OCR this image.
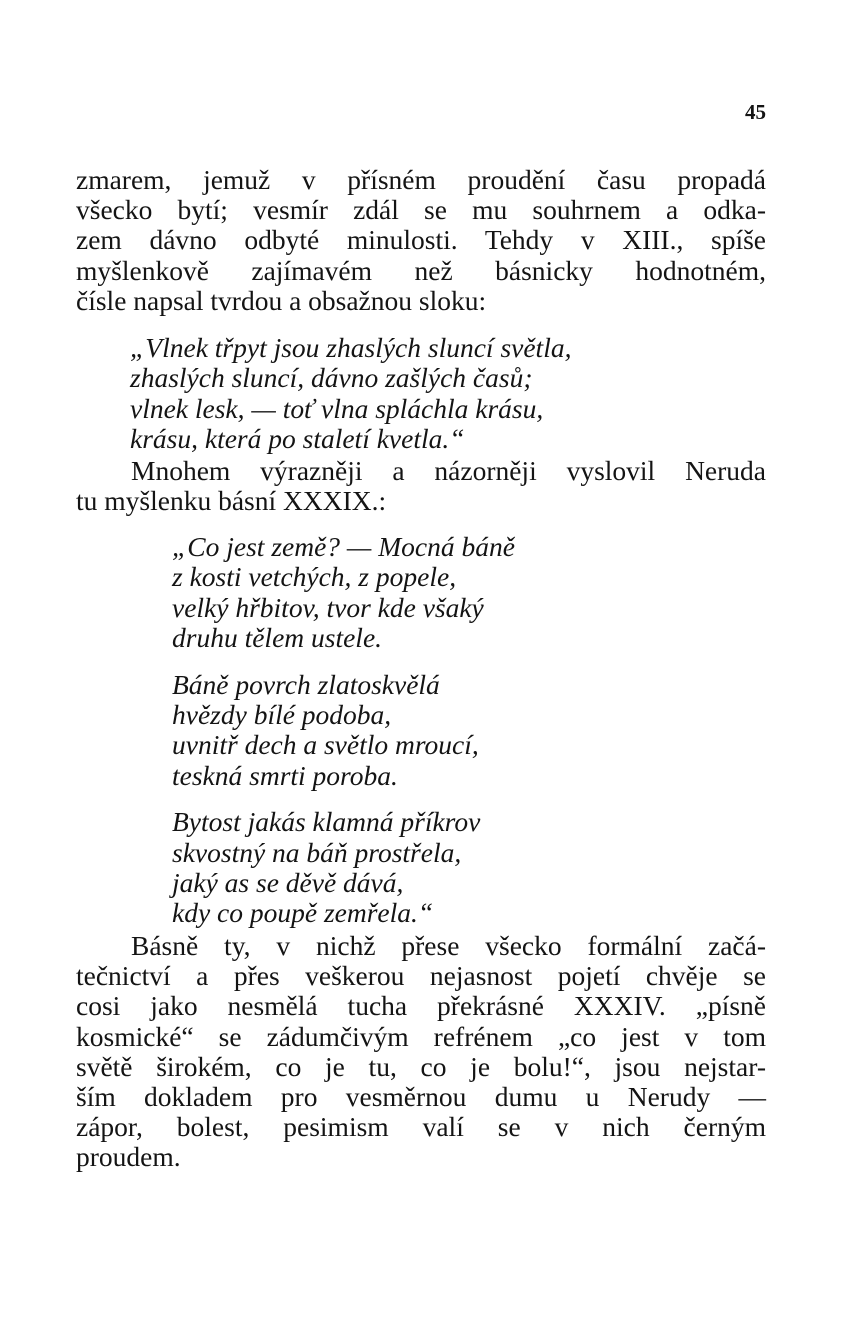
45
zmarem, jemuž v přísném proudění času propadá
všecko bytí; vesmír zdál se mu souhrnem a odka-
zem dávno odbyté minulosti. Tehdy v XIII., spíše
myšlenkově zajímavém než básnicky hodnotném,
čísle napsal tvrdou a obsažnou sloku:
„Vlnek třpyt jsou zhaslých sluncí světla,
zhaslých sluncí, dávno zašlých časů;
vlnek lesk, — toť vlna spláchla krásu,
krásu, která po staletí kvetla.“
Mnohem výrazněji a názorněji vyslovil Neruda
tu myšlenku básní XXXIX.:
„Co jest země? — Mocná báně
z kosti vetchých, z popele,
velký hřbitov, tvor kde všaký
druhu tělem ustele.
Báně povrch zlatoskvělá
hvězdy bílé podoba,
uvnitř dech a světlo mroucí,
teskná smrti poroba.
Bytost jakás klamná příkrov
skvostný na báň prostřela,
jaký as se děvě dává,
kdy co poupě zemřela.“
Básně ty, v nichž přese všecko formální začá-
tečnictví a přes veškerou nejasnost pojetí chvěje se
cosi jako nesmělá tucha překrásné XXXIV. „písně
kosmické“ se zádumčivým refrénem „co jest v tom
světě širokém, co je tu, co je bolu!“, jsou nejstar-
ším dokladem pro vesměrnou dumu u Nerudy —
zápor, bolest, pesimism valí se v nich černým
proudem.
